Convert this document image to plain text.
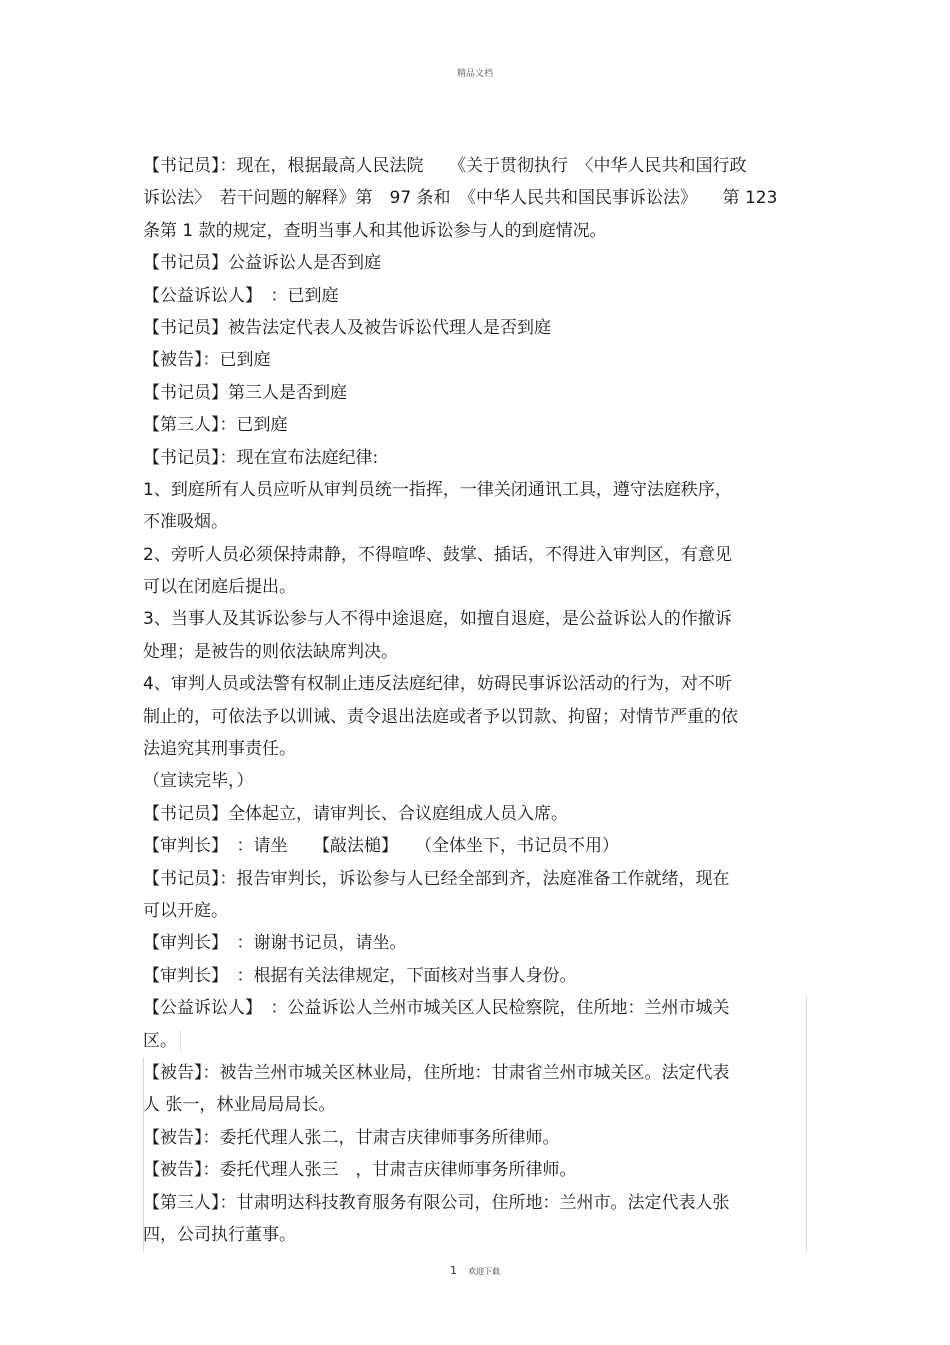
精品文档
【书记员】：现在，根据最高人民法院　　《关于贯彻执行　〈中华人民共和国行政
诉讼法〉　若干问题的解释》第　97 条和　《中华人民共和国民事诉讼法》　　第 123
条第 1 款的规定，查明当事人和其他诉讼参与人的到庭情况。
【书记员】公益诉讼人是否到庭
【公益诉讼人】　：已到庭
【书记员】被告法定代表人及被告诉讼代理人是否到庭
【被告】：已到庭
【书记员】第三人是否到庭
【第三人】：已到庭
【书记员】：现在宣布法庭纪律:
1、到庭所有人员应听从审判员统一指挥，一律关闭通讯工具，遵守法庭秩序，
不准吸烟。
2、旁听人员必须保持肃静，不得喧哗、鼓掌、插话，不得进入审判区，有意见
可以在闭庭后提出。
3、当事人及其诉讼参与人不得中途退庭，如擅自退庭，是公益诉讼人的作撤诉
处理；是被告的则依法缺席判决。
4、审判人员或法警有权制止违反法庭纪律，妨碍民事诉讼活动的行为，对不听
制止的，可依法予以训诫、责令退出法庭或者予以罚款、拘留；对情节严重的依
法追究其刑事责任。
（宣读完毕，）
【书记员】全体起立，请审判长、合议庭组成人员入席。
【审判长】　：请坐　　【敲法槌】　　（全体坐下，书记员不用）
【书记员】：报告审判长，诉讼参与人已经全部到齐，法庭准备工作就绪，现在
可以开庭。
【审判长】　：谢谢书记员，请坐。
【审判长】　：根据有关法律规定，下面核对当事人身份。
【公益诉讼人】　：公益诉讼人兰州市城关区人民检察院，住所地：兰州市城关
区。
【被告】：被告兰州市城关区林业局，住所地：甘肃省兰州市城关区。法定代表
人 张一，林业局局局长。
【被告】：委托代理人张二，甘肃吉庆律师事务所律师。
【被告】：委托代理人张三　，甘肃吉庆律师事务所律师。
【第三人】：甘肃明达科技教育服务有限公司，住所地：兰州市。法定代表人张
四，公司执行董事。
1 欢迎下载
